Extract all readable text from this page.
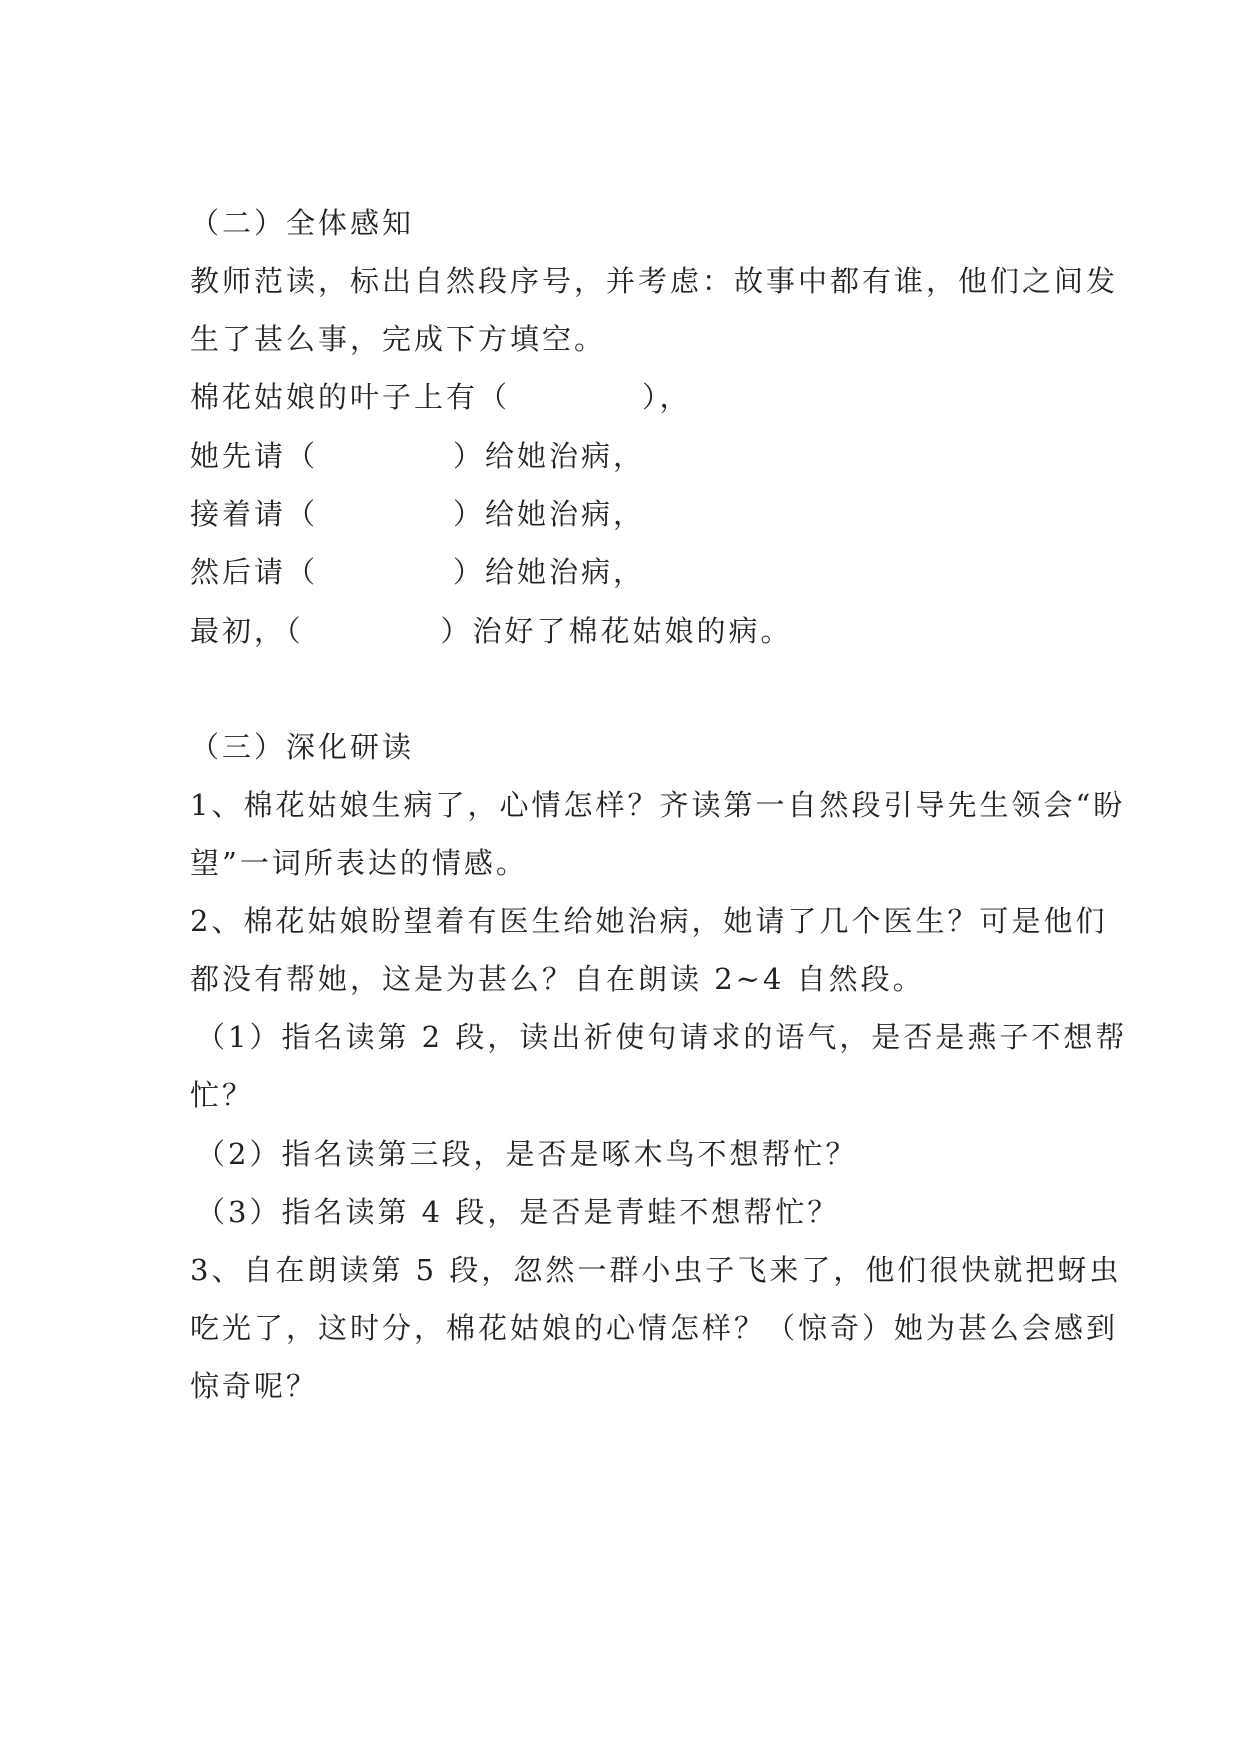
（二）全体感知
教师范读，标出自然段序号，并考虑：故事中都有谁，他们之间发
生了甚么事，完成下方填空。
棉花姑娘的叶子上有（	），
她先请（	）给她治病，
接着请（	）给她治病，
然后请（	）给她治病，
最初，（	）治好了棉花姑娘的病。
（三）深化研读
1、棉花姑娘生病了，心情怎样？齐读第一自然段引导先生领会“盼
望”一词所表达的情感。
2、棉花姑娘盼望着有医生给她治病，她请了几个医生？可是他们
都没有帮她，这是为甚么？自在朗读 2~4 自然段。
（1）指名读第 2 段，读出祈使句请求的语气，是否是燕子不想帮
忙？
（2）指名读第三段，是否是啄木鸟不想帮忙？
（3）指名读第 4 段，是否是青蛙不想帮忙？
3、自在朗读第 5 段，忽然一群小虫子飞来了，他们很快就把蚜虫
吃光了，这时分，棉花姑娘的心情怎样？（惊奇）她为甚么会感到
惊奇呢？
